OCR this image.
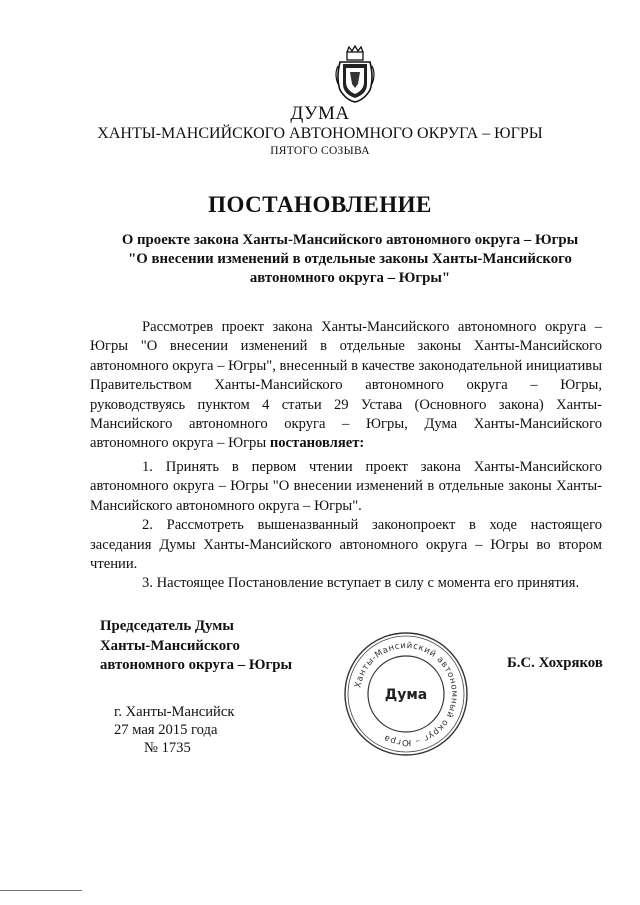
ДУМА
ХАНТЫ-МАНСИЙСКОГО АВТОНОМНОГО ОКРУГА – ЮГРЫ
ПЯТОГО СОЗЫВА
ПОСТАНОВЛЕНИЕ
О проекте закона Ханты-Мансийского автономного округа – Югры
"О внесении изменений в отдельные законы Ханты-Мансийского
автономного округа – Югры"

Рассмотрев проект закона Ханты-Мансийского автономного округа – Югры "О внесении изменений в отдельные законы Ханты-Мансийского автономного округа – Югры", внесенный в качестве законодательной инициативы Правительством Ханты-Мансийского автономного округа – Югры, руководствуясь пунктом 4 статьи 29 Устава (Основного закона) Ханты-Мансийского автономного округа – Югры, Дума Ханты-Мансийского автономного округа – Югры постановляет:

1. Принять в первом чтении проект закона Ханты-Мансийского автономного округа – Югры "О внесении изменений в отдельные законы Ханты-Мансийского автономного округа – Югры".

2. Рассмотреть вышеназванный законопроект в ходе настоящего заседания Думы Ханты-Мансийского автономного округа – Югры во втором чтении.

3. Настоящее Постановление вступает в силу с момента его принятия.

Председатель Думы
Ханты-Мансийского
автономного округа – Югры
Ханты-Мансийский автономный округ – Югра
Дума
Б.С. Хохряков
г. Ханты-Мансийск
27 мая 2015 года
№ 1735
